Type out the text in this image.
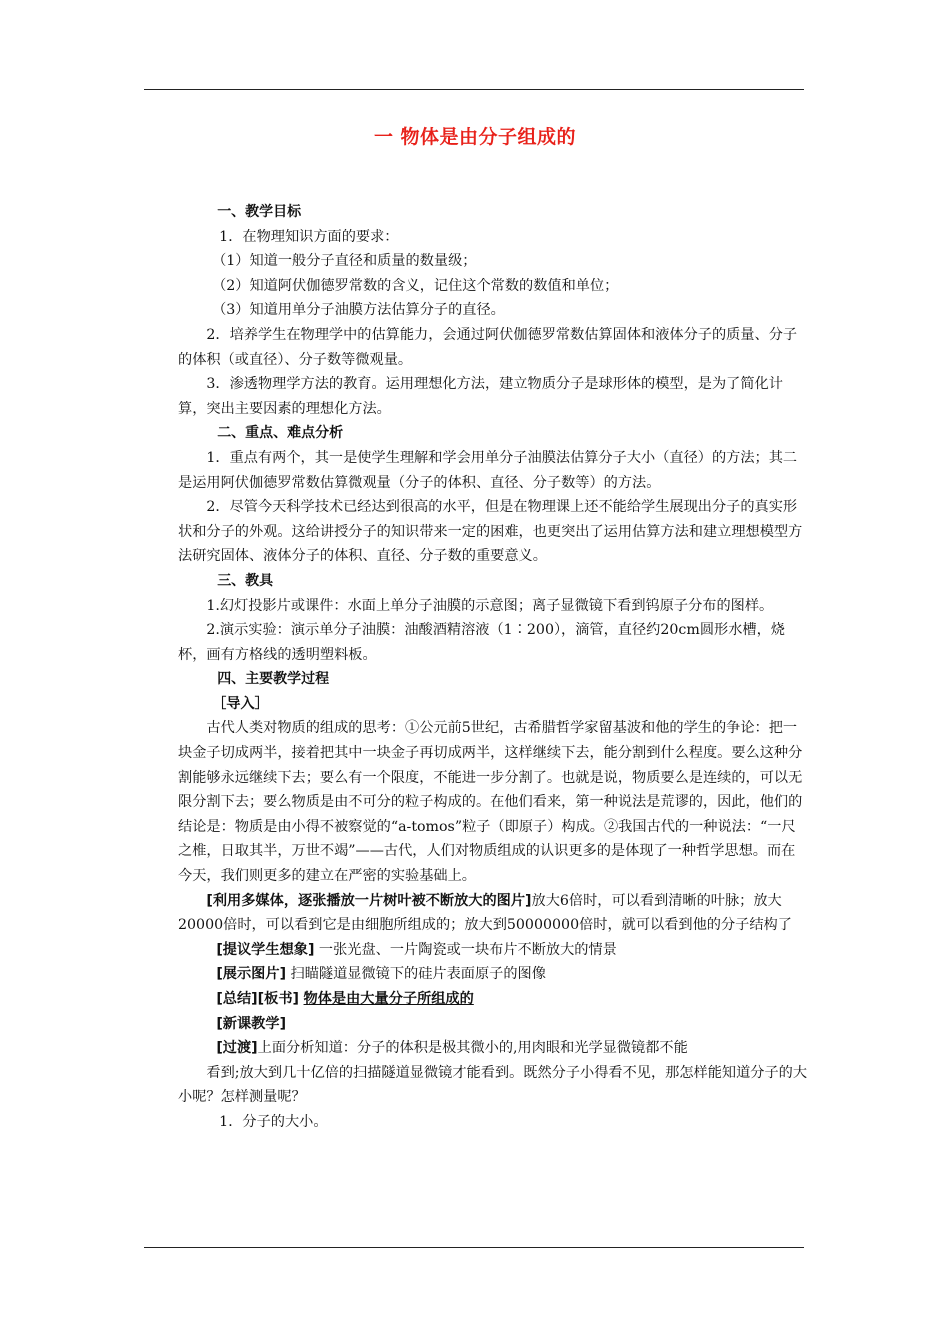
一 物体是由分子组成的

一、教学目标

1．在物理知识方面的要求：

（1）知道一般分子直径和质量的数量级；

（2）知道阿伏伽德罗常数的含义，记住这个常数的数值和单位；

（3）知道用单分子油膜方法估算分子的直径。

2．培养学生在物理学中的估算能力，会通过阿伏伽德罗常数估算固体和液体分子的质量、分子的体积（或直径）、分子数等微观量。

3．渗透物理学方法的教育。运用理想化方法，建立物质分子是球形体的模型，是为了简化计算，突出主要因素的理想化方法。

二、重点、难点分析

1．重点有两个，其一是使学生理解和学会用单分子油膜法估算分子大小（直径）的方法；其二是运用阿伏伽德罗常数估算微观量（分子的体积、直径、分子数等）的方法。

2．尽管今天科学技术已经达到很高的水平，但是在物理课上还不能给学生展现出分子的真实形状和分子的外观。这给讲授分子的知识带来一定的困难，也更突出了运用估算方法和建立理想模型方法研究固体、液体分子的体积、直径、分子数的重要意义。

三、教具

1.幻灯投影片或课件：水面上单分子油膜的示意图；离子显微镜下看到钨原子分布的图样。

2.演示实验：演示单分子油膜：油酸酒精溶液（1∶200），滴管，直径约20cm圆形水槽，烧杯，画有方格线的透明塑料板。

四、主要教学过程

［导入］

古代人类对物质的组成的思考：①公元前5世纪，古希腊哲学家留基波和他的学生的争论：把一块金子切成两半，接着把其中一块金子再切成两半，这样继续下去，能分割到什么程度。要么这种分割能够永远继续下去；要么有一个限度，不能进一步分割了。也就是说，物质要么是连续的，可以无限分割下去；要么物质是由不可分的粒子构成的。在他们看来，第一种说法是荒谬的，因此，他们的结论是：物质是由小得不被察觉的“a-tomos”粒子（即原子）构成。②我国古代的一种说法：“一尺之椎，日取其半，万世不竭”——古代，人们对物质组成的认识更多的是体现了一种哲学思想。而在今天，我们则更多的建立在严密的实验基础上。

[利用多媒体，逐张播放一片树叶被不断放大的图片]放大6倍时，可以看到清晰的叶脉；放大20000倍时，可以看到它是由细胞所组成的；放大到50000000倍时，就可以看到他的分子结构了

[提议学生想象] 一张光盘、一片陶瓷或一块布片不断放大的情景

[展示图片] 扫瞄隧道显微镜下的硅片表面原子的图像

[总结][板书] 物体是由大量分子所组成的

[新课教学]

[过渡]上面分析知道：分子的体积是极其微小的,用肉眼和光学显微镜都不能

看到;放大到几十亿倍的扫描隧道显微镜才能看到。既然分子小得看不见，那怎样能知道分子的大小呢？怎样测量呢？

1．分子的大小。
